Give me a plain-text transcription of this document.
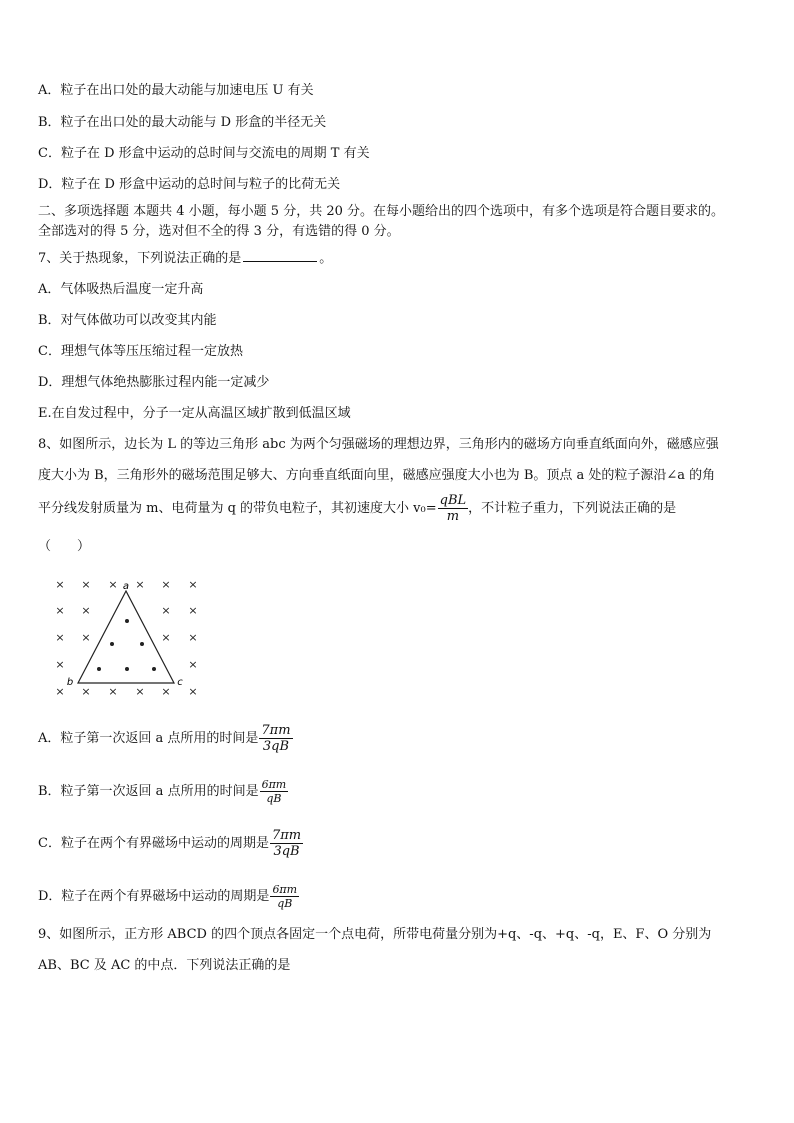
A．粒子在出口处的最大动能与加速电压 U 有关
B．粒子在出口处的最大动能与 D 形盒的半径无关
C．粒子在 D 形盒中运动的总时间与交流电的周期 T 有关
D．粒子在 D 形盒中运动的总时间与粒子的比荷无关
二、多项选择题 本题共 4 小题，每小题 5 分，共 20 分。在每小题给出的四个选项中，有多个选项是符合题目要求的。
全部选对的得 5 分，选对但不全的得 3 分，有选错的得 0 分。
7、关于热现象，下列说法正确的是	。
A．气体吸热后温度一定升高
B．对气体做功可以改变其内能
C．理想气体等压压缩过程一定放热
D．理想气体绝热膨胀过程内能一定减少
E.在自发过程中，分子一定从高温区域扩散到低温区域
8、如图所示，边长为 L 的等边三角形 abc 为两个匀强磁场的理想边界，三角形内的磁场方向垂直纸面向外，磁感应强
度大小为 B，三角形外的磁场范围足够大、方向垂直纸面向里，磁感应强度大小也为 B。顶点 a 处的粒子源沿∠a 的角
平分线发射质量为 m、电荷量为 q 的带负电粒子，其初速度大小 $v_0= \frac{\text{qBL}}{m}$ ，不计粒子重力，下列说法正确的是
（　　）
× × × × × ×
× ×	× ×
× ×	× ×
×	×
× × × × × ×
a
b	c
A．粒子第一次返回 a 点所用的时间是 $\frac{7\pi m}{3qB}$
B．粒子第一次返回 a 点所用的时间是 $\frac{6\pi m}{qB}$
C．粒子在两个有界磁场中运动的周期是 $\frac{7\pi m}{3qB}$
D．粒子在两个有界磁场中运动的周期是 $\frac{6\pi m}{qB}$
9、如图所示，正方形 ABCD 的四个顶点各固定一个点电荷，所带电荷量分别为+q、-q、+q、-q，E、F、O 分别为
AB、BC 及 AC 的中点．下列说法正确的是
